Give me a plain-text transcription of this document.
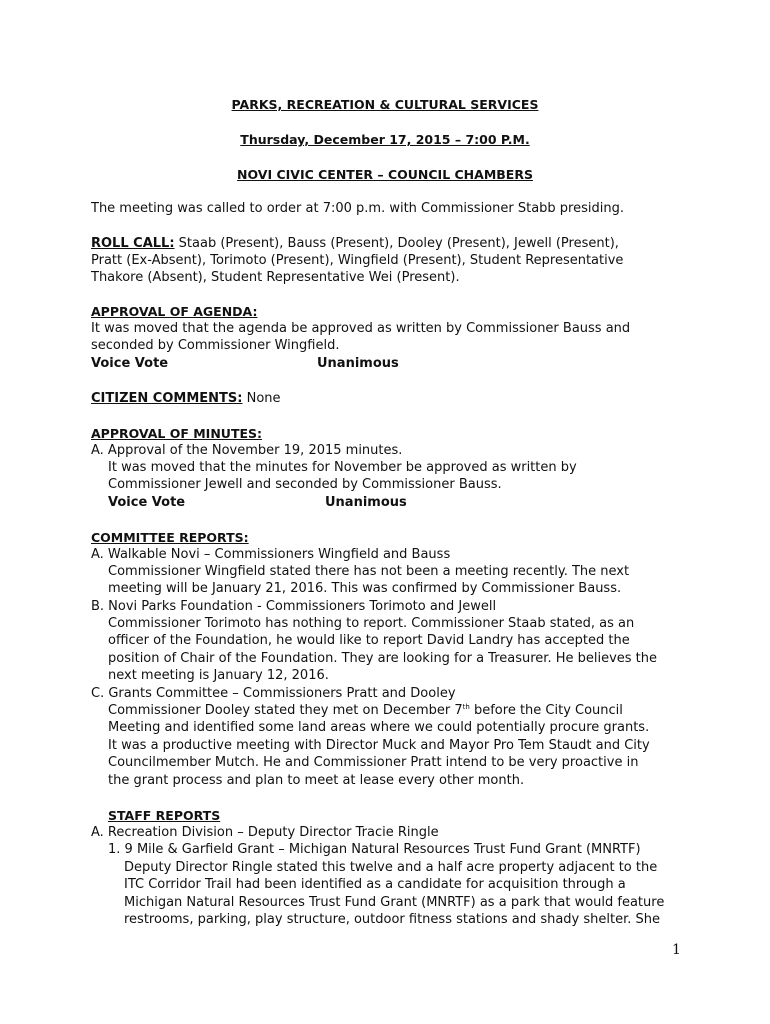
PARKS, RECREATION & CULTURAL SERVICES
Thursday, December 17, 2015 – 7:00 P.M.
NOVI CIVIC CENTER – COUNCIL CHAMBERS
The meeting was called to order at 7:00 p.m. with Commissioner Stabb presiding.
ROLL CALL: Staab (Present), Bauss (Present), Dooley (Present), Jewell (Present),
Pratt (Ex-Absent), Torimoto (Present), Wingfield (Present), Student Representative
Thakore (Absent), Student Representative Wei (Present).
APPROVAL OF AGENDA:
It was moved that the agenda be approved as written by Commissioner Bauss and
seconded by Commissioner Wingfield.
Voice Vote	Unanimous
CITIZEN COMMENTS: None
APPROVAL OF MINUTES:
A. Approval of the November 19, 2015 minutes.
It was moved that the minutes for November be approved as written by
Commissioner Jewell and seconded by Commissioner Bauss.
Voice Vote	Unanimous
COMMITTEE REPORTS:
A. Walkable Novi – Commissioners Wingfield and Bauss
Commissioner Wingfield stated there has not been a meeting recently. The next
meeting will be January 21, 2016. This was confirmed by Commissioner Bauss.
B. Novi Parks Foundation - Commissioners Torimoto and Jewell
Commissioner Torimoto has nothing to report. Commissioner Staab stated, as an
officer of the Foundation, he would like to report David Landry has accepted the
position of Chair of the Foundation. They are looking for a Treasurer. He believes the
next meeting is January 12, 2016.
C. Grants Committee – Commissioners Pratt and Dooley
Commissioner Dooley stated they met on December 7th before the City Council
Meeting and identified some land areas where we could potentially procure grants.
It was a productive meeting with Director Muck and Mayor Pro Tem Staudt and City
Councilmember Mutch. He and Commissioner Pratt intend to be very proactive in
the grant process and plan to meet at lease every other month.
STAFF REPORTS
A. Recreation Division – Deputy Director Tracie Ringle
1. 9 Mile & Garfield Grant – Michigan Natural Resources Trust Fund Grant (MNRTF)
Deputy Director Ringle stated this twelve and a half acre property adjacent to the
ITC Corridor Trail had been identified as a candidate for acquisition through a
Michigan Natural Resources Trust Fund Grant (MNRTF) as a park that would feature
restrooms, parking, play structure, outdoor fitness stations and shady shelter. She
1
